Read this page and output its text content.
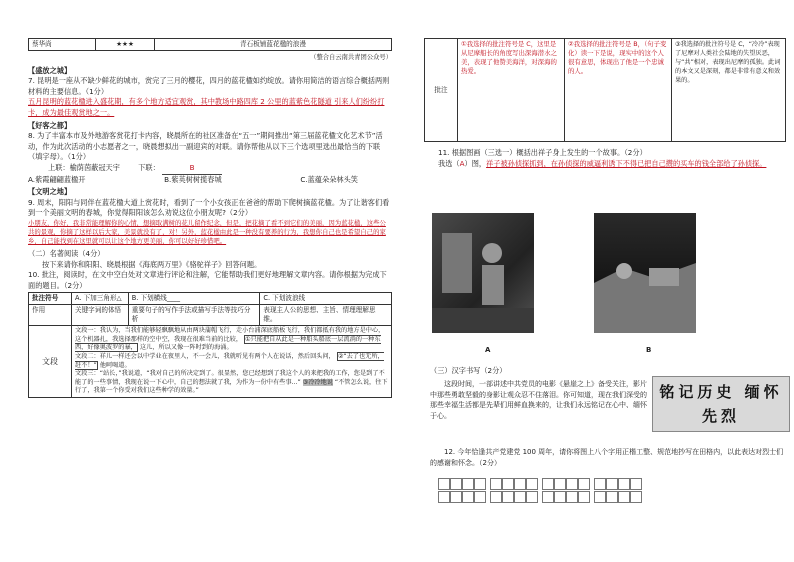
蔡华尚	★★★	青石板铺蓝花楹的浪漫
（整合自云南共青团公众号）
【盛放之城】
7. 昆明是一座从不缺少鲜花的城市，赏完了三月的樱花，四月的蓝花楹如约绽放。请你用简洁的语言综合概括两则材料的主要信息。（1分）
五月昆明的蓝花楹进入盛花期，有多个地方适宜观赏，其中教场中路四库 2 公里的蓝紫色花隧道 引来人们纷纷打卡，成为最佳观赏地之一。
【好客之都】
8. 为了丰富本市及外地游客赏花打卡内容，晓晨所在的社区准备在“五一”期间推出“第三届蓝花楹文化艺术节”活动，作为此次活动的小志愿者之一，晓晨想拟出一副迎宾的对联。请你帮他从以下三个选项里选出最恰当的下联（填字母）。（1分）
上联：榆荫茵蔽冠天宇	下联：	B
A.紫霞翩翩蓝楹开	B.紫英树树揽春城	C.蓝蕴朵朵林头笑
【文明之地】
9. 周末，阳阳与同伴在蓝花楹大道上赏花时，看到了一个小女孩正在爸爸的帮助下爬树摘蓝花楹。为了让谐客们看到一个美丽文明的春城，你觉得阳阳该怎么劝说这位小朋友呢?（2分）
小朋友，你好，我非常能理解你的心情，想摘取满树的花儿留作纪念，但是，把花摘了看不到它们的美丽，因为蓝花楹，这些公共的景观，你摘了这样以后大家，美景就没有了，对！另外，蓝花楹由此是一种没有要养的行为，我想你自己也是希望自己的家乡，自己能找到在这里就可以让这个地方更美丽，你可以好好珍惜吧。
（二）名著阅读（4分）
按下来请你和阳阳、晓晨根据《海底两万里》《骆驼祥子》回答问题。
10. 批注，阅读时，在文中空白处对文章进行评论和注解，它能帮助我们更好地理解文章内容。请你根据为完成下面的题目。（2分）
批注符号	A. 下加三角形△	B. 下划横线____	C. 下划波浪线
作用	关键字词的体悟	重要句子的写作手法或描写手法等技巧分析	表现主人公的思想、主旨、情理理解思维。
文段	文段一：我认为，当我们能够轻飘飘地从由两块蒲帽飞行，走小台浦深底船板飞行，我们都抵有我的地方是中心，这个机器扎，我选择那样的空中空，我现在很难当前的比较， ①只能把自从此是一种船头船底一层流淌的一种东西，好像奥波罗的暴， 这儿，所以又像一阵时到的海涌。
文段二：祥儿一样还会以中学业在夜里人，不一会儿，我就听见有两个人在说话，然后回头问， ②“去了也无所，赶不！” 他呵喝道。
文段三：“站长，”我说道，“我对自己的所决定到了。很显然，您已经想到了我这个人的来把我的工作，您是到了不能了的一些事情，我现在说一下心中，自己的想法就了我，为作为一份中有些事...” ③冷冷地说 “不管怎么说，往下行了，我第一个你受对我们这些种学的效量。”		
批注	①我选择的批注符号是 C，这里是从尼摩船长的角度写出深海潜水之美，表现了他赞美海洋，对深海的热爱。	②我选择的批注符号是 B，（句子变化）读一下是说，现实中的这个人很有意思，体现出了他是一个忠诚的人。	③我选择的批注符号是 C，“冷冷”表现了尼摩对人类社会陆地的失望厌恶，与“共”相对，表现出尼摩的孤独。此词的本文又是深刻，都是非常有意义和效果的。
11. 根据图画（三选一）概括出祥子身上发生的一个故事。（2分）
我选（A）图，祥子被孙侦探抓到，在孙侦探的威逼利诱下不得已把自己攒的买车的钱全部给了孙侦探。
A	B
（三）汉字书写（2分）
这段时间，一部讲述中共党员的电影《悬崖之上》备受关注，影片中那些勇敢坚毅的身影让观众忍不住落泪。你可知道，现在我们深受的那些幸福生活都是先辈们用鲜血换来的，让我们永远铭记在心中、缅怀于心。
铭记历史 缅怀先烈
12. 今年恰逢共产党建党 100 周年，请你将图上八个字用正楷工整、规范地抄写在田格内，以此表达对烈士们的感谢和怀念。（2分）
